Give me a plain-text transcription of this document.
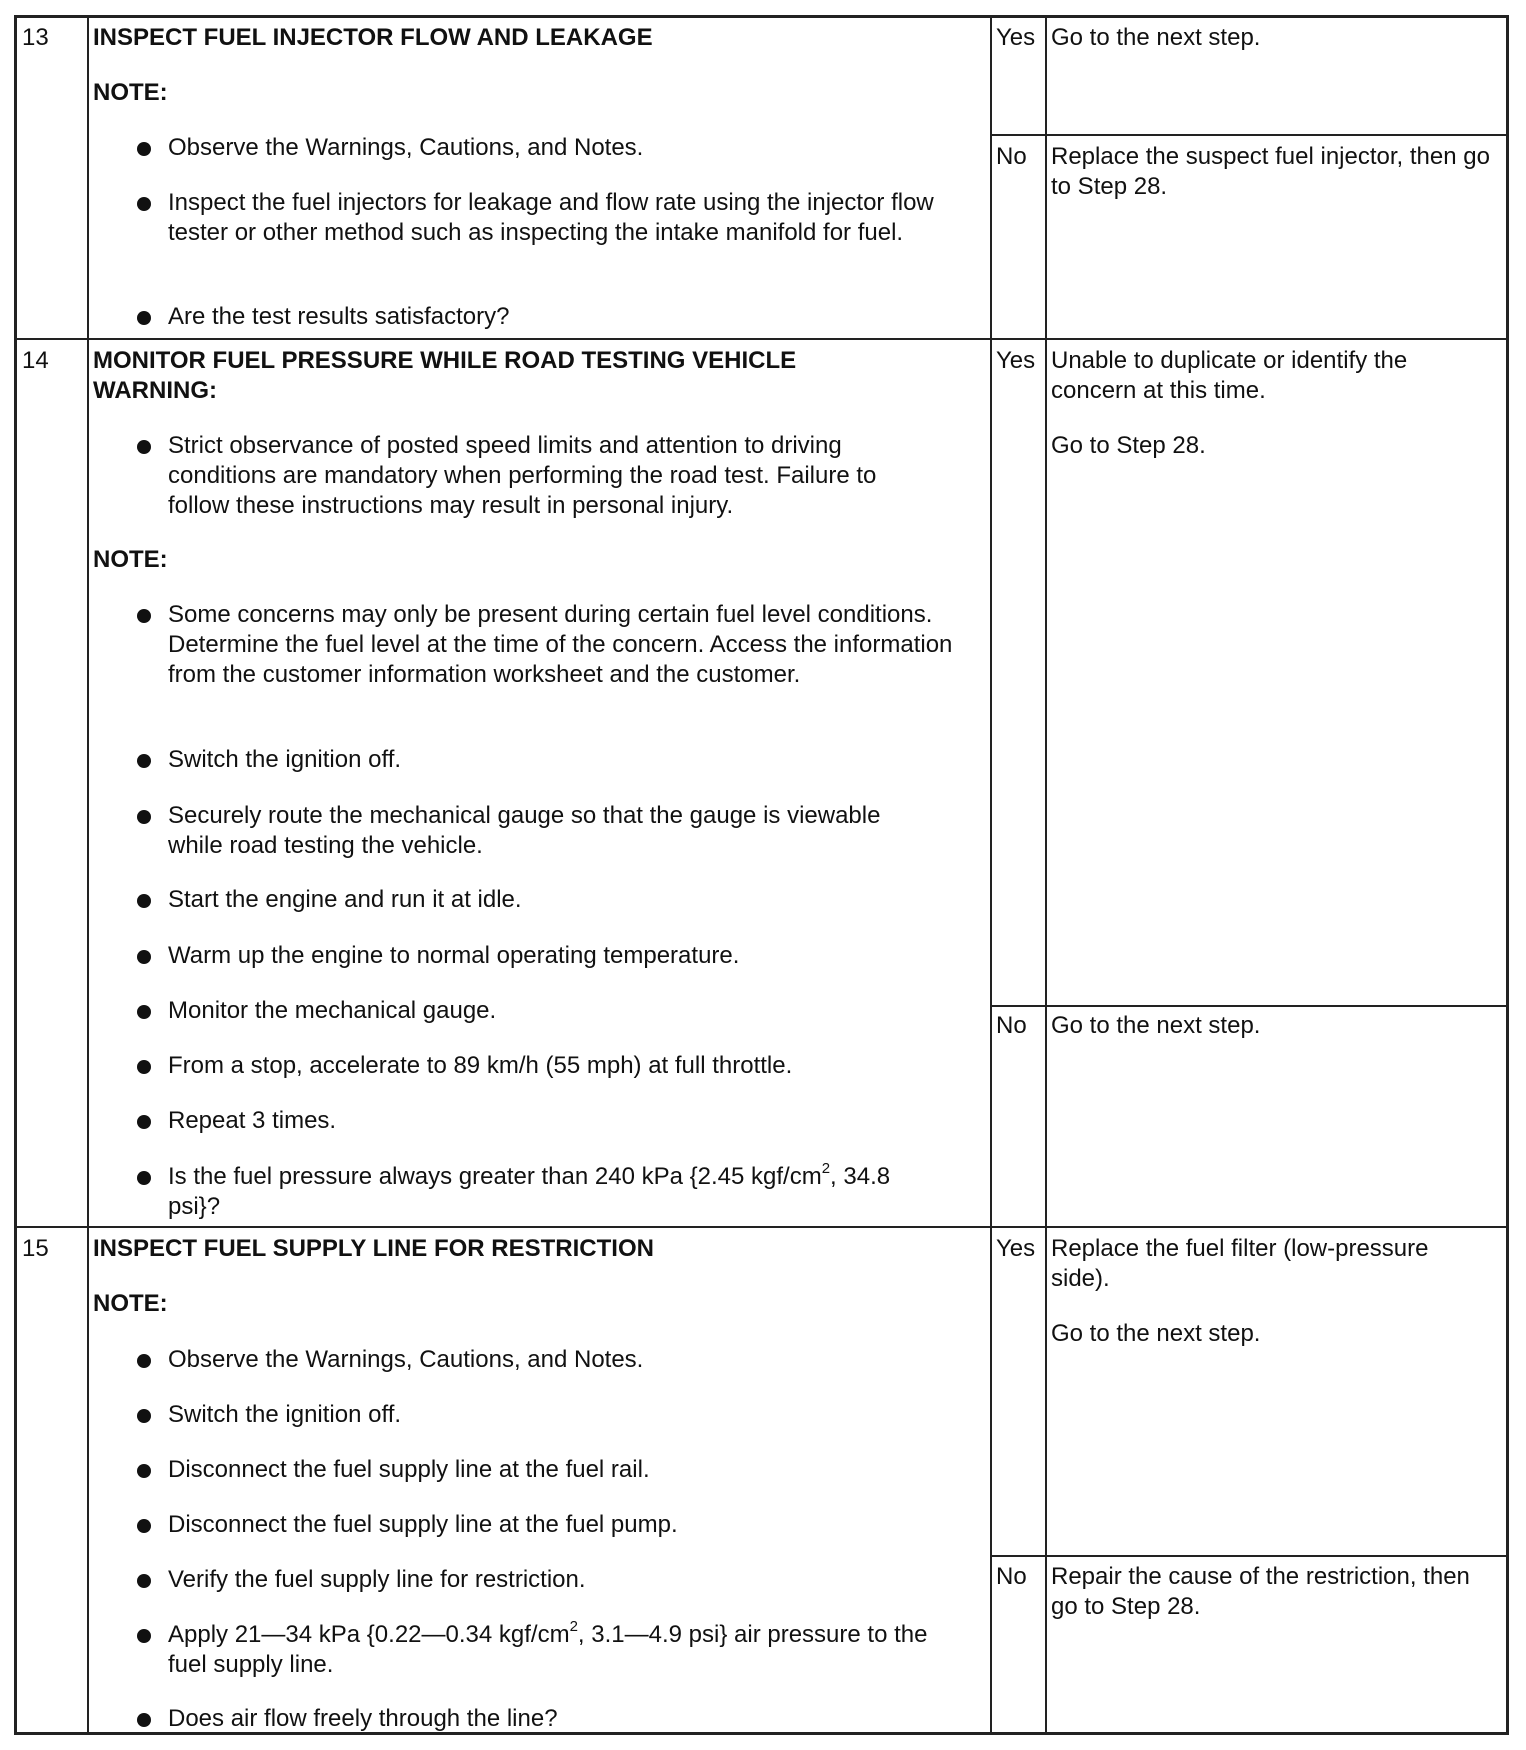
13 INSPECT FUEL INJECTOR FLOW AND LEAKAGE
NOTE:
Observe the Warnings, Cautions, and Notes.
Inspect the fuel injectors for leakage and flow rate using the injector flow tester or other method such as inspecting the intake manifold for fuel.
Are the test results satisfactory?
Yes Go to the next step.
No Replace the suspect fuel injector, then go to Step 28.
14 MONITOR FUEL PRESSURE WHILE ROAD TESTING VEHICLE
WARNING:
Strict observance of posted speed limits and attention to driving conditions are mandatory when performing the road test. Failure to follow these instructions may result in personal injury.
NOTE:
Some concerns may only be present during certain fuel level conditions. Determine the fuel level at the time of the concern. Access the information from the customer information worksheet and the customer.
Switch the ignition off.
Securely route the mechanical gauge so that the gauge is viewable while road testing the vehicle.
Start the engine and run it at idle.
Warm up the engine to normal operating temperature.
Monitor the mechanical gauge.
From a stop, accelerate to 89 km/h (55 mph) at full throttle.
Repeat 3 times.
Is the fuel pressure always greater than 240 kPa {2.45 kgf/$cm^2$, 34.8 psi}?
Yes Unable to duplicate or identify the concern at this time.
Go to Step 28.
No Go to the next step.
15 INSPECT FUEL SUPPLY LINE FOR RESTRICTION
NOTE:
Observe the Warnings, Cautions, and Notes.
Switch the ignition off.
Disconnect the fuel supply line at the fuel rail.
Disconnect the fuel supply line at the fuel pump.
Verify the fuel supply line for restriction.
Apply 21—34 kPa {0.22—0.34 kgf/$cm^2$, 3.1—4.9 psi} air pressure to the fuel supply line.
Does air flow freely through the line?
Yes Replace the fuel filter (low-pressure side).
Go to the next step.
No Repair the cause of the restriction, then go to Step 28.
